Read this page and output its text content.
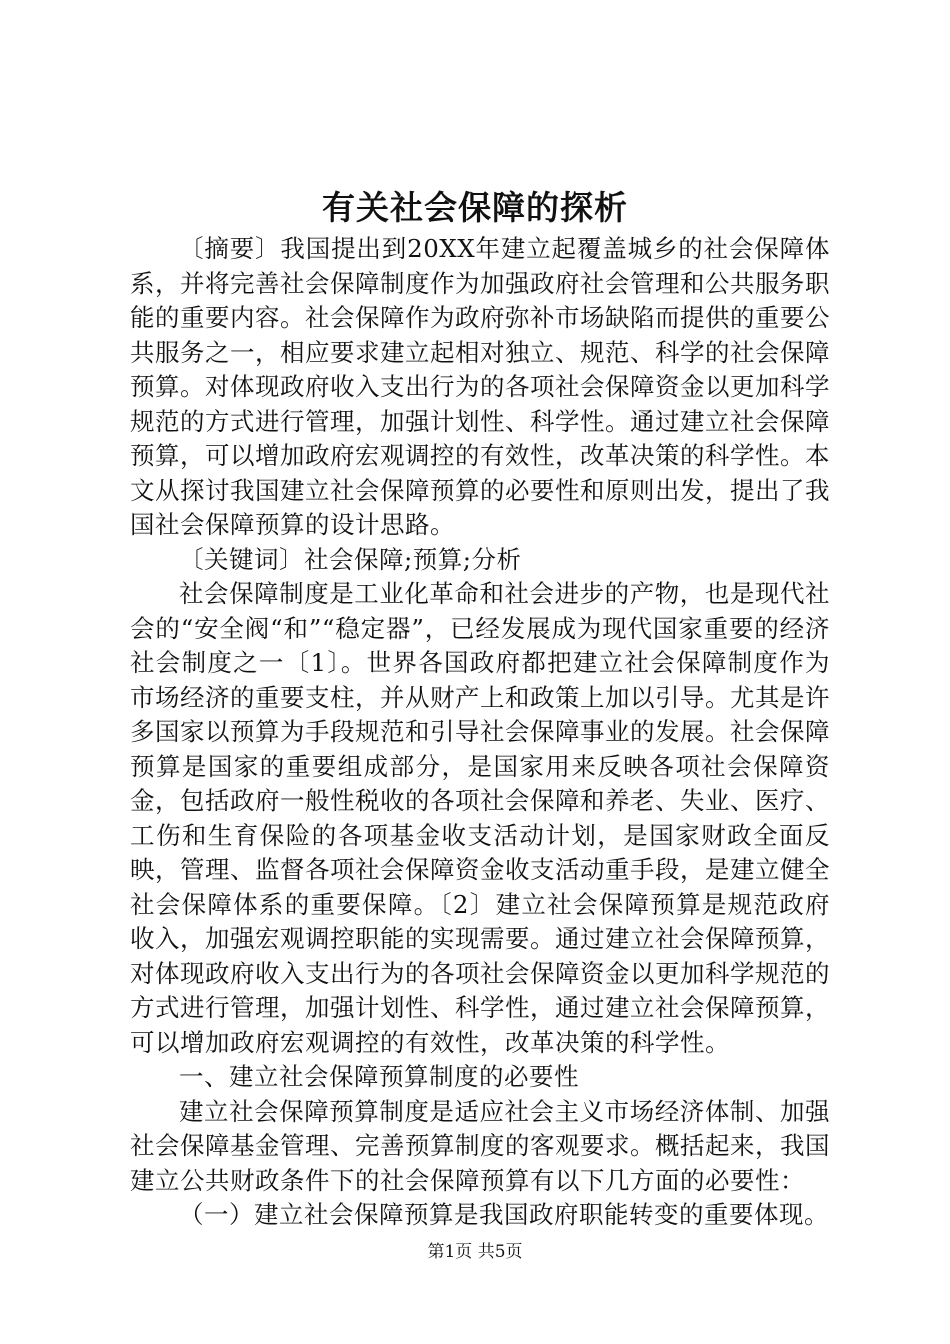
有关社会保障的探析

〔摘要〕我国提出到20XX年建立起覆盖城乡的社会保障体系，并将完善社会保障制度作为加强政府社会管理和公共服务职能的重要内容。社会保障作为政府弥补市场缺陷而提供的重要公共服务之一，相应要求建立起相对独立、规范、科学的社会保障预算。对体现政府收入支出行为的各项社会保障资金以更加科学规范的方式进行管理，加强计划性、科学性。通过建立社会保障预算，可以增加政府宏观调控的有效性，改革决策的科学性。本文从探讨我国建立社会保障预算的必要性和原则出发，提出了我国社会保障预算的设计思路。

〔关键词〕社会保障;预算;分析

社会保障制度是工业化革命和社会进步的产物，也是现代社会的“安全阀“和”“稳定器”，已经发展成为现代国家重要的经济社会制度之一〔1〕。世界各国政府都把建立社会保障制度作为市场经济的重要支柱，并从财产上和政策上加以引导。尤其是许多国家以预算为手段规范和引导社会保障事业的发展。社会保障预算是国家的重要组成部分，是国家用来反映各项社会保障资金，包括政府一般性税收的各项社会保障和养老、失业、医疗、工伤和生育保险的各项基金收支活动计划，是国家财政全面反映，管理、监督各项社会保障资金收支活动重手段，是建立健全社会保障体系的重要保障。〔2〕建立社会保障预算是规范政府收入，加强宏观调控职能的实现需要。通过建立社会保障预算，对体现政府收入支出行为的各项社会保障资金以更加科学规范的方式进行管理，加强计划性、科学性，通过建立社会保障预算，可以增加政府宏观调控的有效性，改革决策的科学性。

一、建立社会保障预算制度的必要性

建立社会保障预算制度是适应社会主义市场经济体制、加强社会保障基金管理、完善预算制度的客观要求。概括起来，我国建立公共财政条件下的社会保障预算有以下几方面的必要性：

（一）建立社会保障预算是我国政府职能转变的重要体现。

第1页 共5页
